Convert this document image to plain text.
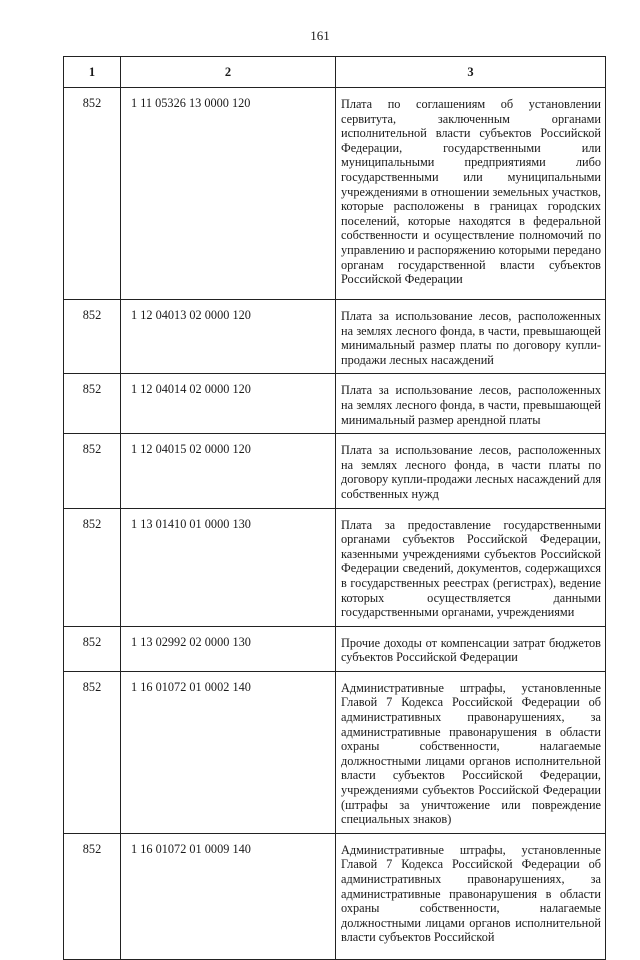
161
1	2	3
852	1 11 05326 13 0000 120	Плата по соглашениям об установлении сервитута, заключенным органами исполнительной власти субъектов Российской Федерации, государственными или муниципальными предприятиями либо государственными или муниципальными учреждениями в отношении земельных участков, которые расположены в границах городских поселений, которые находятся в федеральной собственности и осуществление полномочий по управлению и распоряжению которыми передано органам государственной власти субъектов Российской Федерации
852	1 12 04013 02 0000 120	Плата за использование лесов, расположенных на землях лесного фонда, в части, превышающей минимальный размер платы по договору купли-продажи лесных насаждений
852	1 12 04014 02 0000 120	Плата за использование лесов, расположенных на землях лесного фонда, в части, превышающей минимальный размер арендной платы
852	1 12 04015 02 0000 120	Плата за использование лесов, расположенных на землях лесного фонда, в части платы по договору купли-продажи лесных насаждений для собственных нужд
852	1 13 01410 01 0000 130	Плата за предоставление государственными органами субъектов Российской Федерации, казенными учреждениями субъектов Российской Федерации сведений, документов, содержащихся в государственных реестрах (регистрах), ведение которых осуществляется данными государственными органами, учреждениями
852	1 13 02992 02 0000 130	Прочие доходы от компенсации затрат бюджетов субъектов Российской Федерации
852	1 16 01072 01 0002 140	Административные штрафы, установленные Главой 7 Кодекса Российской Федерации об административных правонарушениях, за административные правонарушения в области охраны собственности, налагаемые должностными лицами органов исполнительной власти субъектов Российской Федерации, учреждениями субъектов Российской Федерации (штрафы за уничтожение или повреждение специальных знаков)
852	1 16 01072 01 0009 140	Административные штрафы, установленные Главой 7 Кодекса Российской Федерации об административных правонарушениях, за административные правонарушения в области охраны собственности, налагаемые должностными лицами органов исполнительной власти субъектов Российской
